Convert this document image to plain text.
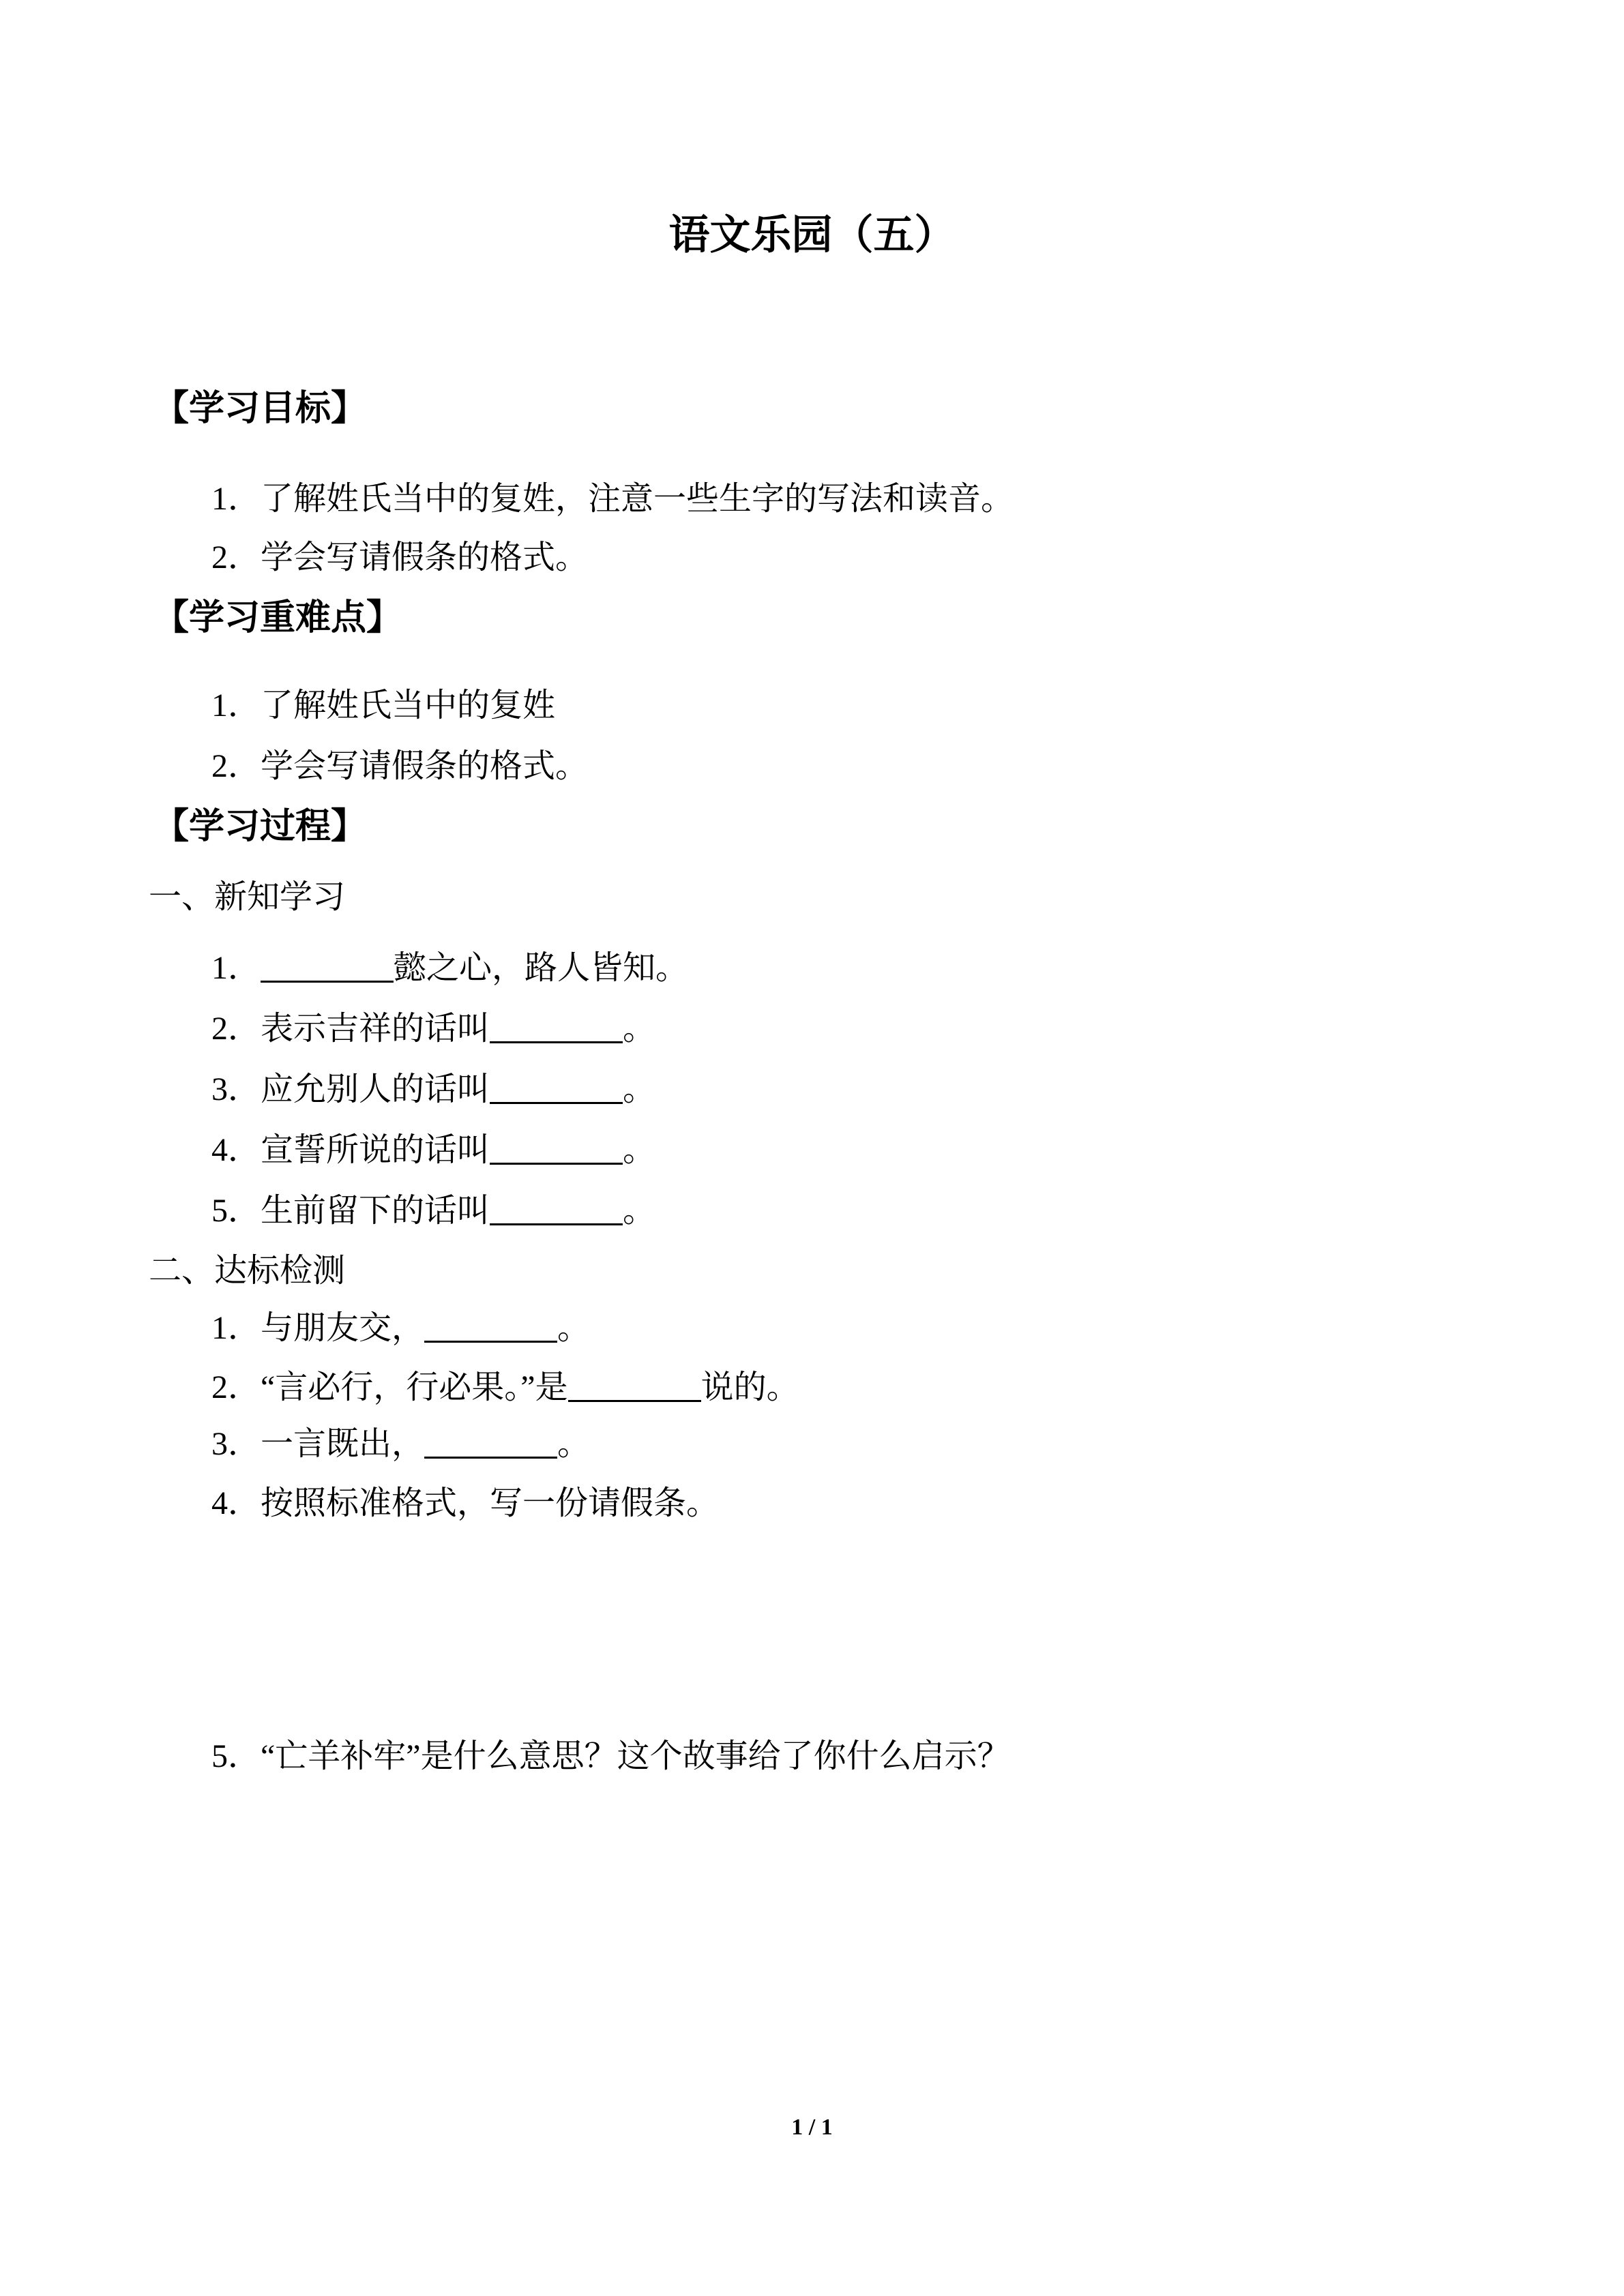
语文乐园（五）
【学习目标】
1．了解姓氏当中的复姓，注意一些生字的写法和读音。
2．学会写请假条的格式。
【学习重难点】
1．了解姓氏当中的复姓
2．学会写请假条的格式。
【学习过程】
一、新知学习
1．	懿之心，路人皆知。
2．表示吉祥的话叫	。
3．应允别人的话叫	。
4．宣誓所说的话叫	。
5．生前留下的话叫	。
二、达标检测
1．与朋友交，	。
2．“言必行，行必果。”是	说的。
3．一言既出，	。
4．按照标准格式，写一份请假条。
5．“亡羊补牢”是什么意思？这个故事给了你什么启示？
1 / 1
